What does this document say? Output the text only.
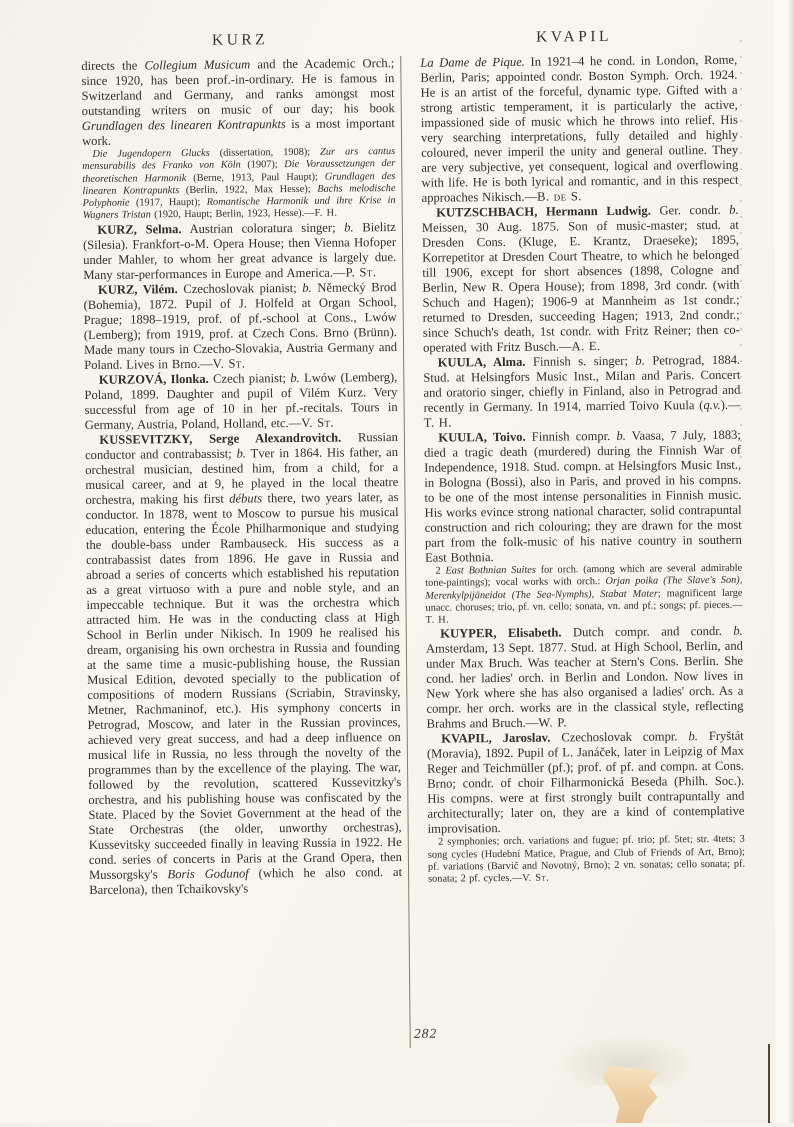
KURZ	KVAPIL

directs the Collegium Musicum and the Academic Orch.; since 1920, has been prof.-in-ordinary. He is famous in Switzerland and Germany, and ranks amongst most outstanding writers on music of our day; his book Grundlagen des linearen Kontrapunkts is a most important work.

Die Jugendopern Glucks (dissertation, 1908); Zur ars cantus mensurabilis des Franko von Köln (1907); Die Voraussetzungen der theoretischen Harmonik (Berne, 1913, Paul Haupt); Grundlagen des linearen Kontrapunkts (Berlin, 1922, Max Hesse); Bachs melodische Polyphonie (1917, Haupt); Romantische Harmonik und ihre Krise in Wagners Tristan (1920, Haupt; Berlin, 1923, Hesse).—F. H.

KURZ, Selma. Austrian coloratura singer; b. Bielitz (Silesia). Frankfort-o-M. Opera House; then Vienna Hofoper under Mahler, to whom her great advance is largely due. Many star-performances in Europe and America.—P. St.

KURZ, Vilém. Czechoslovak pianist; b. Německý Brod (Bohemia), 1872. Pupil of J. Holfeld at Organ School, Prague; 1898–1919, prof. of pf.-school at Cons., Lwów (Lemberg); from 1919, prof. at Czech Cons. Brno (Brünn). Made many tours in Czecho-Slovakia, Austria Germany and Poland. Lives in Brno.—V. St.

KURZOVÁ, Ilonka. Czech pianist; b. Lwów (Lemberg), Poland, 1899. Daughter and pupil of Vilém Kurz. Very successful from age of 10 in her pf.-recitals. Tours in Germany, Austria, Poland, Holland, etc.—V. St.

KUSSEVITZKY, Serge Alexandrovitch. Russian conductor and contrabassist; b. Tver in 1864. His father, an orchestral musician, destined him, from a child, for a musical career, and at 9, he played in the local theatre orchestra, making his first débuts there, two years later, as conductor. In 1878, went to Moscow to pursue his musical education, entering the École Philharmonique and studying the double-bass under Rambauseck. His success as a contrabassist dates from 1896. He gave in Russia and abroad a series of concerts which established his reputation as a great virtuoso with a pure and noble style, and an impeccable technique. But it was the orchestra which attracted him. He was in the conducting class at High School in Berlin under Nikisch. In 1909 he realised his dream, organising his own orchestra in Russia and founding at the same time a music-publishing house, the Russian Musical Edition, devoted specially to the publication of compositions of modern Russians (Scriabin, Stravinsky, Metner, Rachmaninof, etc.). His symphony concerts in Petrograd, Moscow, and later in the Russian provinces, achieved very great success, and had a deep influence on musical life in Russia, no less through the novelty of the programmes than by the excellence of the playing. The war, followed by the revolution, scattered Kussevitzky's orchestra, and his publishing house was confiscated by the State. Placed by the Soviet Government at the head of the State Orchestras (the older, unworthy orchestras), Kussevitsky succeeded finally in leaving Russia in 1922. He cond. series of concerts in Paris at the Grand Opera, then Mussorgsky's Boris Godunof (which he also cond. at Barcelona), then Tchaikovsky's

La Dame de Pique. In 1921–4 he cond. in London, Rome, Berlin, Paris; appointed condr. Boston Symph. Orch. 1924. He is an artist of the forceful, dynamic type. Gifted with a strong artistic temperament, it is particularly the active, impassioned side of music which he throws into relief. His very searching interpretations, fully detailed and highly coloured, never imperil the unity and general outline. They are very subjective, yet consequent, logical and overflowing with life. He is both lyrical and romantic, and in this respect approaches Nikisch.—B. de S.

KUTZSCHBACH, Hermann Ludwig. Ger. condr. b. Meissen, 30 Aug. 1875. Son of music-master; stud. at Dresden Cons. (Kluge, E. Krantz, Draeseke); 1895, Korrepetitor at Dresden Court Theatre, to which he belonged till 1906, except for short absences (1898, Cologne and Berlin, New R. Opera House); from 1898, 3rd condr. (with Schuch and Hagen); 1906-9 at Mannheim as 1st condr.; returned to Dresden, succeeding Hagen; 1913, 2nd condr.; since Schuch's death, 1st condr. with Fritz Reiner; then co-operated with Fritz Busch.—A. E.

KUULA, Alma. Finnish s. singer; b. Petrograd, 1884. Stud. at Helsingfors Music Inst., Milan and Paris. Concert and oratorio singer, chiefly in Finland, also in Petrograd and recently in Germany. In 1914, married Toivo Kuula (q.v.).—T. H.

KUULA, Toivo. Finnish compr. b. Vaasa, 7 July, 1883; died a tragic death (murdered) during the Finnish War of Independence, 1918. Stud. compn. at Helsingfors Music Inst., in Bologna (Bossi), also in Paris, and proved in his compns. to be one of the most intense personalities in Finnish music. His works evince strong national character, solid contrapuntal construction and rich colouring; they are drawn for the most part from the folk-music of his native country in southern East Bothnia.

2 East Bothnian Suites for orch. (among which are several admirable tone-paintings); vocal works with orch.: Orjan poika (The Slave's Son), Merenkylpijäneidot (The Sea-Nymphs), Stabat Mater; magnificent large unacc. choruses; trio, pf. vn. cello; sonata, vn. and pf.; songs; pf. pieces.—T. H.

KUYPER, Elisabeth. Dutch compr. and condr. b. Amsterdam, 13 Sept. 1877. Stud. at High School, Berlin, and under Max Bruch. Was teacher at Stern's Cons. Berlin. She cond. her ladies' orch. in Berlin and London. Now lives in New York where she has also organised a ladies' orch. As a compr. her orch. works are in the classical style, reflecting Brahms and Bruch.—W. P.

KVAPIL, Jaroslav. Czechoslovak compr. b. Fryštát (Moravia), 1892. Pupil of L. Janáček, later in Leipzig of Max Reger and Teichmüller (pf.); prof. of pf. and compn. at Cons. Brno; condr. of choir Filharmonická Beseda (Philh. Soc.). His compns. were at first strongly built contrapuntally and architecturally; later on, they are a kind of contemplative improvisation.

2 symphonies; orch. variations and fugue; pf. trio; pf. 5tet; str. 4tets; 3 song cycles (Hudební Matice, Prague, and Club of Friends of Art, Brno); pf. variations (Barvič and Novotný, Brno); 2 vn. sonatas; cello sonata; pf. sonata; 2 pf. cycles.—V. St.

282
